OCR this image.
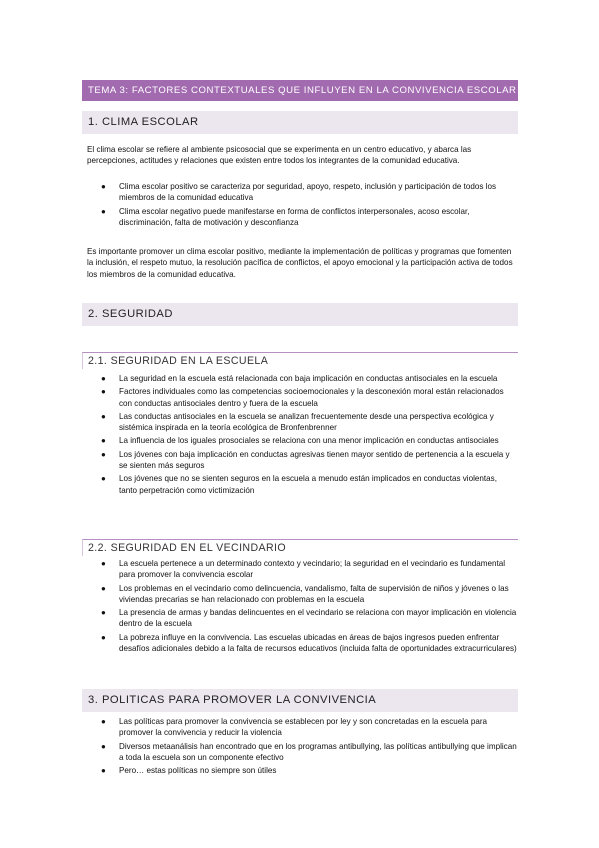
TEMA 3: FACTORES CONTEXTUALES QUE INFLUYEN EN LA CONVIVENCIA ESCOLAR
1. CLIMA ESCOLAR

El clima escolar se refiere al ambiente psicosocial que se experimenta en un centro educativo, y abarca las percepciones, actitudes y relaciones que existen entre todos los integrantes de la comunidad educativa.

● Clima escolar positivo se caracteriza por seguridad, apoyo, respeto, inclusión y participación de todos los miembros de la comunidad educativa
● Clima escolar negativo puede manifestarse en forma de conflictos interpersonales, acoso escolar, discriminación, falta de motivación y desconfianza

Es importante promover un clima escolar positivo, mediante la implementación de políticas y programas que fomenten la inclusión, el respeto mutuo, la resolución pacífica de conflictos, el apoyo emocional y la participación activa de todos los miembros de la comunidad educativa.

2. SEGURIDAD
2.1. SEGURIDAD EN LA ESCUELA
● La seguridad en la escuela está relacionada con baja implicación en conductas antisociales en la escuela
● Factores individuales como las competencias socioemocionales y la desconexión moral están relacionados con conductas antisociales dentro y fuera de la escuela
● Las conductas antisociales en la escuela se analizan frecuentemente desde una perspectiva ecológica y sistémica inspirada en la teoría ecológica de Bronfenbrenner
● La influencia de los iguales prosociales se relaciona con una menor implicación en conductas antisociales
● Los jóvenes con baja implicación en conductas agresivas tienen mayor sentido de pertenencia a la escuela y se sienten más seguros
● Los jóvenes que no se sienten seguros en la escuela a menudo están implicados en conductas violentas, tanto perpetración como victimización
2.2. SEGURIDAD EN EL VECINDARIO
● La escuela pertenece a un determinado contexto y vecindario; la seguridad en el vecindario es fundamental para promover la convivencia escolar
● Los problemas en el vecindario como delincuencia, vandalismo, falta de supervisión de niños y jóvenes o las viviendas precarias se han relacionado con problemas en la escuela
● La presencia de armas y bandas delincuentes en el vecindario se relaciona con mayor implicación en violencia dentro de la escuela
● La pobreza influye en la convivencia. Las escuelas ubicadas en áreas de bajos ingresos pueden enfrentar desafíos adicionales debido a la falta de recursos educativos (incluida falta de oportunidades extracurriculares)
3. POLITICAS PARA PROMOVER LA CONVIVENCIA
● Las políticas para promover la convivencia se establecen por ley y son concretadas en la escuela para promover la convivencia y reducir la violencia
● Diversos metaanálisis han encontrado que en los programas antibullying, las políticas antibullying que implican a toda la escuela son un componente efectivo
● Pero… estas políticas no siempre son útiles
